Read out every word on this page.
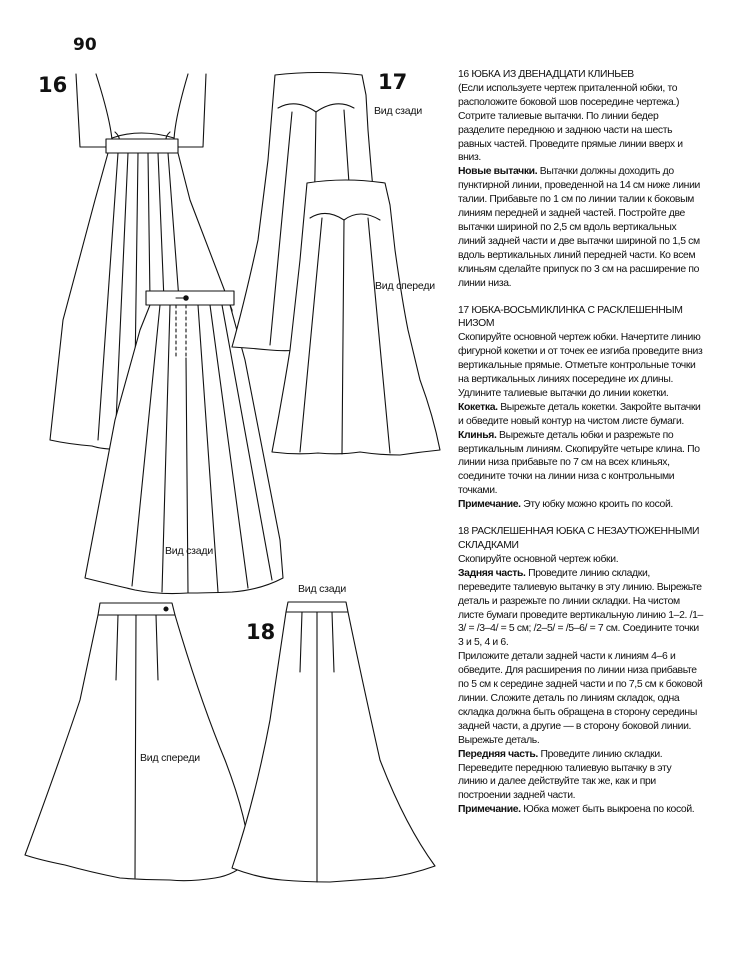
90
16	17
18
Вид сзади
Вид спереди
Вид сзади
Вид сзади
Вид спереди

16 ЮБКА ИЗ ДВЕНАДЦАТИ КЛИНЬЕВ

(Если используете чертеж приталенной юбки, то расположите боковой шов посередине чертежа.) Сотрите талиевые вытачки. По линии бедер разделите переднюю и заднюю части на шесть равных частей. Проведите прямые линии вверх и вниз.

Новые вытачки. Вытачки должны доходить до пунктирной линии, проведенной на 14 см ниже линии талии. Прибавьте по 1 см по линии талии к боковым линиям передней и задней частей. Постройте две вытачки шириной по 2,5 см вдоль вертикальных линий задней части и две вытачки шириной по 1,5 см вдоль вертикальных линий передней части. Ко всем клиньям сделайте припуск по 3 см на расширение по линии низа.

17 ЮБКА-ВОСЬМИКЛИНКА С РАСКЛЕШЕННЫМ НИЗОМ

Скопируйте основной чертеж юбки. Начертите линию фигурной кокетки и от точек ее изгиба проведите вниз вертикальные прямые. Отметьте контрольные точки на вертикальных линиях посередине их длины. Удлините талиевые вытачки до линии кокетки.

Кокетка. Вырежьте деталь кокетки. Закройте вытачки и обведите новый контур на чистом листе бумаги.

Клинья. Вырежьте деталь юбки и разрежьте по вертикальным линиям. Скопируйте четыре клина. По линии низа прибавьте по 7 см на всех клиньях, соедините точки на линии низа с контрольными точками.

Примечание. Эту юбку можно кроить по косой.

18 РАСКЛЕШЕННАЯ ЮБКА С НЕЗАУТЮЖЕННЫМИ СКЛАДКАМИ

Скопируйте основной чертеж юбки.

Задняя часть. Проведите линию складки, переведите талиевую вытачку в эту линию. Вырежьте деталь и разрежьте по линии складки. На чистом листе бумаги проведите вертикальную линию 1–2. /1–3/ = /3–4/ = 5 см; /2–5/ = /5–6/ = 7 см. Соедините точки 3 и 5, 4 и 6.

Приложите детали задней части к линиям 4–6 и обведите. Для расширения по линии низа прибавьте по 5 см к середине задней части и по 7,5 см к боковой линии. Сложите деталь по линиям складок, одна складка должна быть обращена в сторону середины задней части, а другие — в сторону боковой линии. Вырежьте деталь.

Передняя часть. Проведите линию складки. Переведите переднюю талиевую вытачку в эту линию и далее действуйте так же, как и при построении задней части.

Примечание. Юбка может быть выкроена по косой.
